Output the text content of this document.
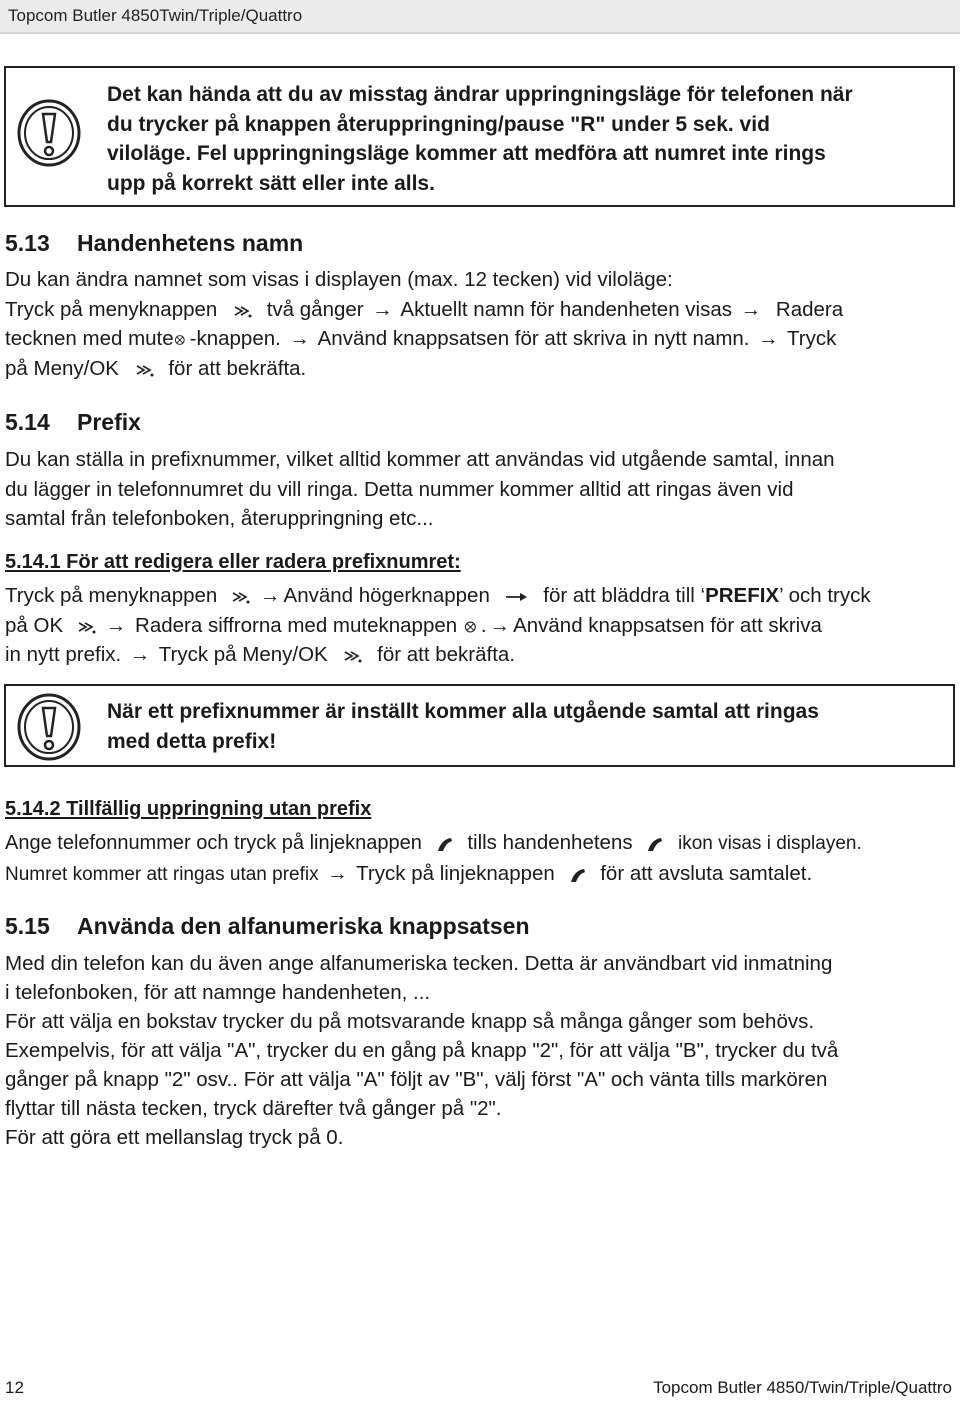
Topcom Butler 4850Twin/Triple/Quattro
Det kan hända att du av misstag ändrar uppringningsläge för telefonen när
du trycker på knappen återuppringning/pause "R" under 5 sek. vid
viloläge. Fel uppringningsläge kommer att medföra att numret inte rings
upp på korrekt sätt eller inte alls.
5.13 Handenhetens namn
Du kan ändra namnet som visas i displayen (max. 12 tecken) vid viloläge:
Tryck på menyknappen två gånger → Aktuellt namn för handenheten visas → Radera
tecknen med mute -knappen. → Använd knappsatsen för att skriva in nytt namn. → Tryck
på Meny/OK för att bekräfta.
5.14 Prefix
Du kan ställa in prefixnummer, vilket alltid kommer att användas vid utgående samtal, innan
du lägger in telefonnumret du vill ringa. Detta nummer kommer alltid att ringas även vid
samtal från telefonboken, återuppringning etc...
5.14.1 För att redigera eller radera prefixnumret:
Tryck på menyknappen → Använd högerknappen	för att bläddra till ‘PREFIX’ och tryck
på OK → Radera siffrorna med muteknappen . → Använd knappsatsen för att skriva
in nytt prefix. → Tryck på Meny/OK för att bekräfta.
När ett prefixnummer är inställt kommer alla utgående samtal att ringas
med detta prefix!
5.14.2 Tillfällig uppringning utan prefix
Ange telefonnummer och tryck på linjeknappen tills handenhetens ikon visas i displayen.
Numret kommer att ringas utan prefix → Tryck på linjeknappen för att avsluta samtalet.
5.15 Använda den alfanumeriska knappsatsen
Med din telefon kan du även ange alfanumeriska tecken. Detta är användbart vid inmatning
i telefonboken, för att namnge handenheten, ...
För att välja en bokstav trycker du på motsvarande knapp så många gånger som behövs.
Exempelvis, för att välja "A", trycker du en gång på knapp "2", för att välja "B", trycker du två
gånger på knapp "2" osv.. För att välja "A" följt av "B", välj först "A" och vänta tills markören
flyttar till nästa tecken, tryck därefter två gånger på "2".
För att göra ett mellanslag tryck på 0.
12	Topcom Butler 4850/Twin/Triple/Quattro
